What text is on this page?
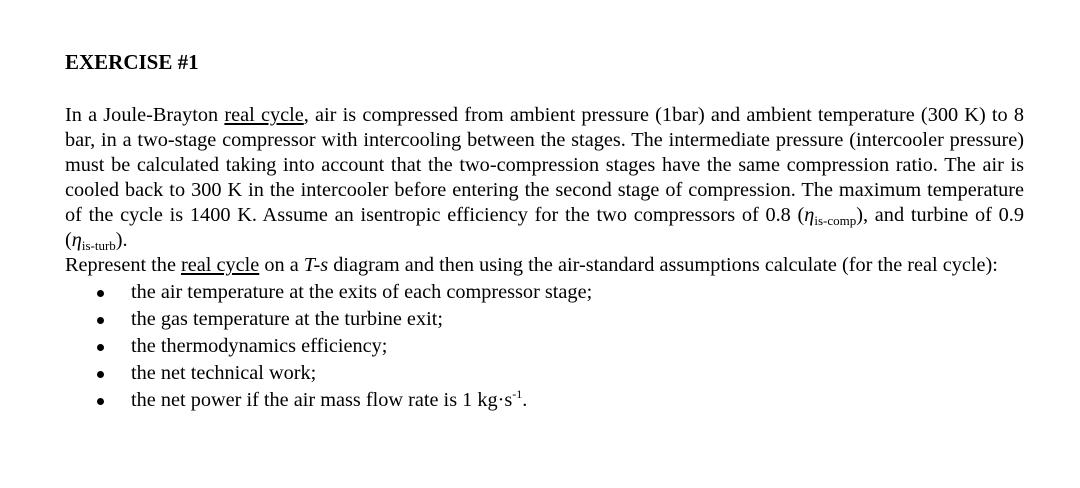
EXERCISE #1

In a Joule-Brayton real cycle, air is compressed from ambient pressure (1bar) and ambient temperature (300 K) to 8 bar, in a two-stage compressor with intercooling between the stages. The intermediate pressure (intercooler pressure) must be calculated taking into account that the two-compression stages have the same compression ratio. The air is cooled back to 300 K in the intercooler before entering the second stage of compression. The maximum temperature of the cycle is 1400 K. Assume an isentropic efficiency for the two compressors of 0.8 $(\eta_{is-comp})$, and turbine of 0.9 $(\eta_{is-turb})$.

Represent the real cycle on a T-s diagram and then using the air-standard assumptions calculate (for the real cycle):

the air temperature at the exits of each compressor stage;
the gas temperature at the turbine exit;
the thermodynamics efficiency;
the net technical work;
the net power if the air mass flow rate is 1 $kg\cdot s^{-1}$.
